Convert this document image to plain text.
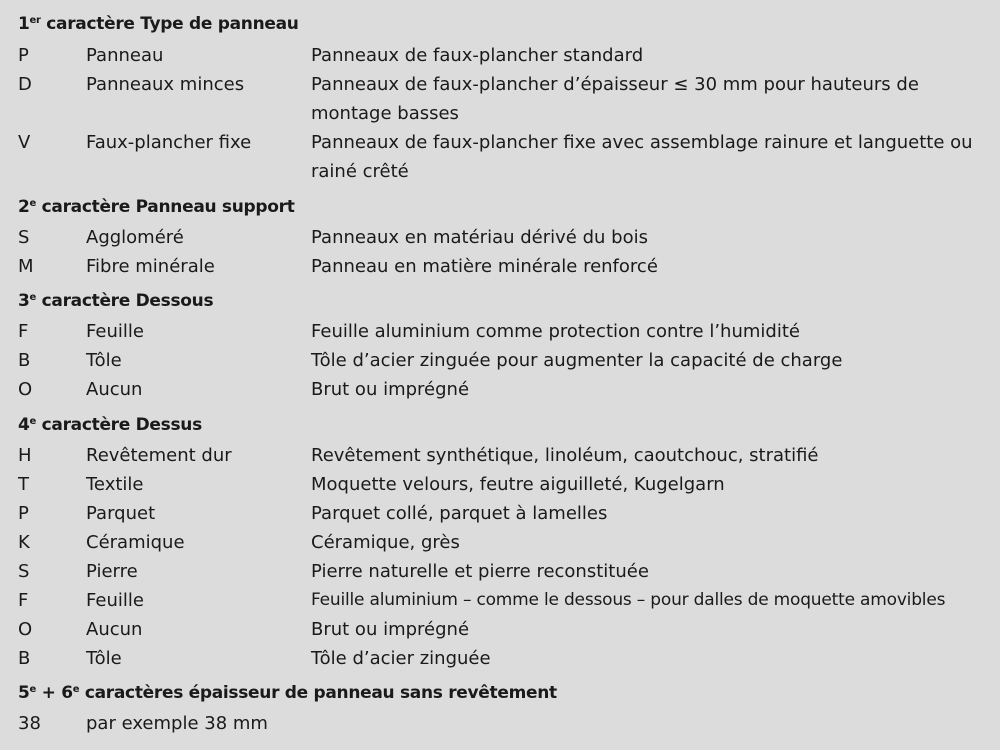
1er caractère Type de panneau
P	Panneau	Panneaux de faux-plancher standard
D	Panneaux minces	Panneaux de faux-plancher d’épaisseur ≤ 30 mm pour hauteurs de montage basses
V	Faux-plancher fixe	Panneaux de faux-plancher fixe avec assemblage rainure et languette ou rainé crêté
2e caractère Panneau support
S	Aggloméré	Panneaux en matériau dérivé du bois
M	Fibre minérale	Panneau en matière minérale renforcé
3e caractère Dessous
F	Feuille	Feuille aluminium comme protection contre l’humidité
B	Tôle	Tôle d’acier zinguée pour augmenter la capacité de charge
O	Aucun	Brut ou imprégné
4e caractère Dessus
H	Revêtement dur	Revêtement synthétique, linoléum, caoutchouc, stratifié
T	Textile	Moquette velours, feutre aiguilleté, Kugelgarn
P	Parquet	Parquet collé, parquet à lamelles
K	Céramique	Céramique, grès
S	Pierre	Pierre naturelle et pierre reconstituée
F	Feuille	Feuille aluminium – comme le dessous – pour dalles de moquette amovibles
O	Aucun	Brut ou imprégné
B	Tôle	Tôle d’acier zinguée
$5^e + 6^e$ caractères épaisseur de panneau sans revêtement
38	par exemple 38 mm
